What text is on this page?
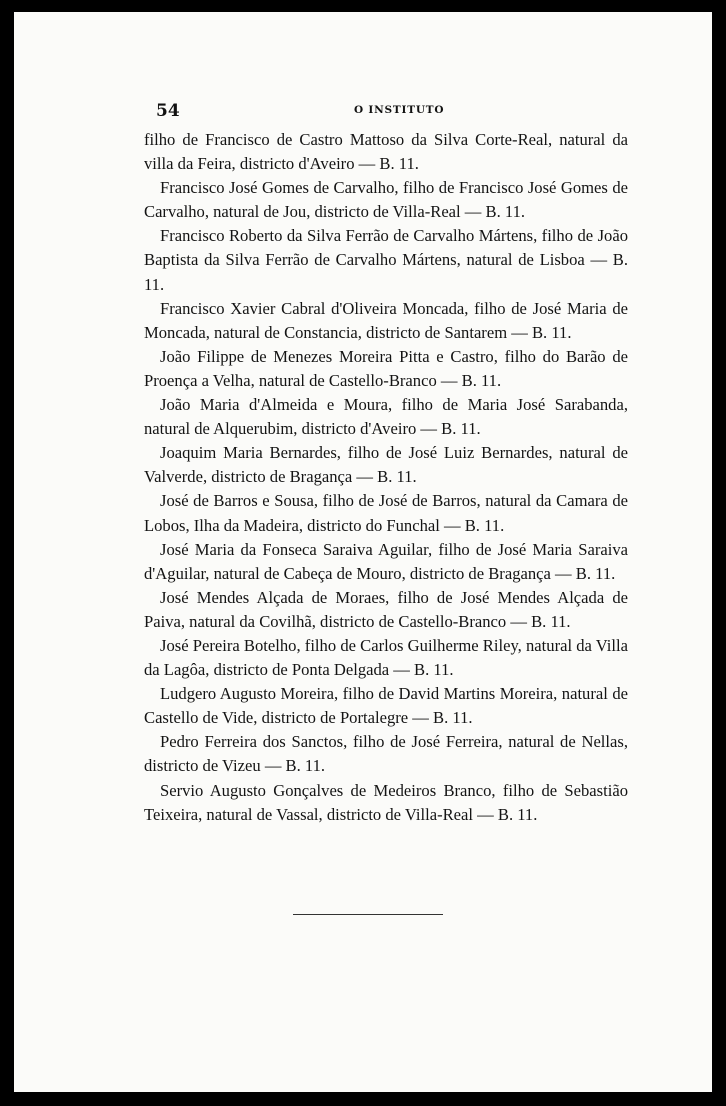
54	O INSTITUTO

filho de Francisco de Castro Mattoso da Silva Corte-Real, natural da villa da Feira, districto d'Aveiro — B. 11.

Francisco José Gomes de Carvalho, filho de Francisco José Gomes de Carvalho, natural de Jou, districto de Villa-Real — B. 11.

Francisco Roberto da Silva Ferrão de Carvalho Mártens, filho de João Baptista da Silva Ferrão de Carvalho Mártens, natural de Lisboa — B. 11.

Francisco Xavier Cabral d'Oliveira Moncada, filho de José Maria de Moncada, natural de Constancia, districto de Santarem — B. 11.

João Filippe de Menezes Moreira Pitta e Castro, filho do Barão de Proença a Velha, natural de Castello-Branco — B. 11.

João Maria d'Almeida e Moura, filho de Maria José Sarabanda, natural de Alquerubim, districto d'Aveiro — B. 11.

Joaquim Maria Bernardes, filho de José Luiz Bernardes, natural de Valverde, districto de Bragança — B. 11.

José de Barros e Sousa, filho de José de Barros, natural da Camara de Lobos, Ilha da Madeira, districto do Funchal — B. 11.

José Maria da Fonseca Saraiva Aguilar, filho de José Maria Saraiva d'Aguilar, natural de Cabeça de Mouro, districto de Bragança — B. 11.

José Mendes Alçada de Moraes, filho de José Mendes Alçada de Paiva, natural da Covilhã, districto de Castello-Branco — B. 11.

José Pereira Botelho, filho de Carlos Guilherme Riley, natural da Villa da Lagôa, districto de Ponta Delgada — B. 11.

Ludgero Augusto Moreira, filho de David Martins Moreira, natural de Castello de Vide, districto de Portalegre — B. 11.

Pedro Ferreira dos Sanctos, filho de José Ferreira, natural de Nellas, districto de Vizeu — B. 11.

Servio Augusto Gonçalves de Medeiros Branco, filho de Sebastião Teixeira, natural de Vassal, districto de Villa-Real — B. 11.
